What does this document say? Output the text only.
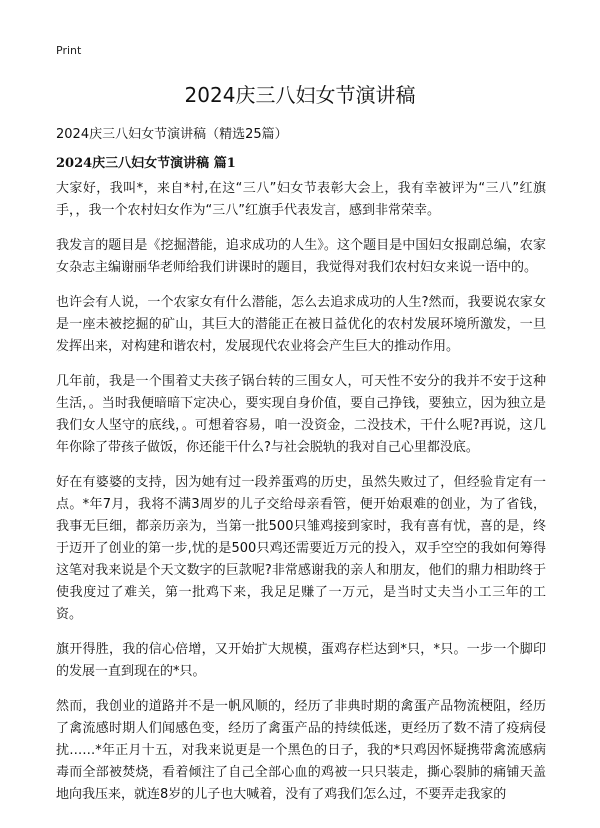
Print
2024庆三八妇女节演讲稿

2024庆三八妇女节演讲稿（精选25篇）

2024庆三八妇女节演讲稿 篇1

大家好，我叫*，来自*村,在这“三八”妇女节表彰大会上，我有幸被评为“三八”红旗手，，我一个农村妇女作为“三八”红旗手代表发言，感到非常荣幸。

我发言的题目是《挖掘潜能，追求成功的人生》。这个题目是中国妇女报副总编，农家女杂志主编谢丽华老师给我们讲课时的题目，我觉得对我们农村妇女来说一语中的。

也许会有人说，一个农家女有什么潜能，怎么去追求成功的人生?然而，我要说农家女是一座未被挖掘的矿山，其巨大的潜能正在被日益优化的农村发展环境所激发，一旦发挥出来，对构建和谐农村，发展现代农业将会产生巨大的推动作用。

几年前，我是一个围着丈夫孩子锅台转的三围女人，可天性不安分的我并不安于这种生活，。当时我便暗暗下定决心，要实现自身价值，要自己挣钱，要独立，因为独立是我们女人坚守的底线，。可想着容易，咱一没资金，二没技术，干什么呢?再说，这几年你除了带孩子做饭，你还能干什么?与社会脱轨的我对自己心里都没底。

好在有婆婆的支持，因为她有过一段养蛋鸡的历史，虽然失败过了，但经验肯定有一点。*年7月，我将不满3周岁的儿子交给母亲看管，便开始艰难的创业，为了省钱，我事无巨细，都亲历亲为，当第一批500只雏鸡接到家时，我有喜有忧，喜的是，终于迈开了创业的第一步,忧的是500只鸡还需要近万元的投入，双手空空的我如何筹得这笔对我来说是个天文数字的巨款呢?非常感谢我的亲人和朋友，他们的鼎力相助终于使我度过了难关，第一批鸡下来，我足足赚了一万元，是当时丈夫当小工三年的工资。

旗开得胜，我的信心倍增，又开始扩大规模，蛋鸡存栏达到*只，*只。一步一个脚印的发展一直到现在的*只。

然而，我创业的道路并不是一帆风顺的，经历了非典时期的禽蛋产品物流梗阻，经历了禽流感时期人们闻感色变，经历了禽蛋产品的持续低迷，更经历了数不清了疫病侵扰……*年正月十五，对我来说更是一个黑色的日子，我的*只鸡因怀疑携带禽流感病毒而全部被焚烧，看着倾注了自己全部心血的鸡被一只只装走，撕心裂肺的痛铺天盖地向我压来，就连8岁的儿子也大喊着，没有了鸡我们怎么过，不要弄走我家的
